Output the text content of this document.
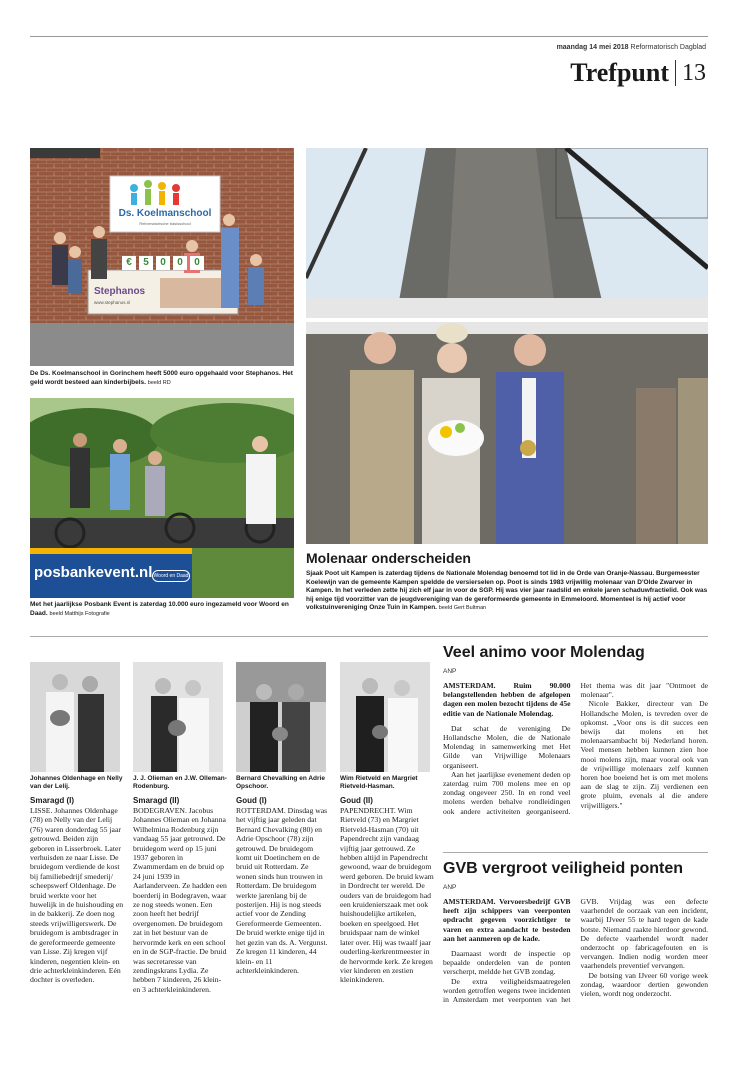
maandag 14 mei 2018 Reformatorisch Dagblad
Trefpunt 13
Ds. Koelmanschool
Reformatorische basisschool
€	5	0	0	0
Stephanos
www.stephanos.nl
De Ds. Koelmanschool in Gorinchem heeft 5000 euro opgehaald voor Stephanos. Het geld wordt besteed aan kinderbijbels. beeld RD
posbankevent.nl Woord en Daad
Met het jaarlijkse Posbank Event is zaterdag 10.000 euro ingezameld voor Woord en Daad. beeld Matthijs Fotografie
Molenaar onderscheiden
Sjaak Poot uit Kampen is zaterdag tijdens de Nationale Molendag benoemd tot lid in de Orde van Oranje-Nassau. Burgemeester Koelewijn van de gemeente Kampen speldde de versierselen op. Poot is sinds 1983 vrijwillig molenaar van D'Olde Zwarver in Kampen. In het verleden zette hij zich elf jaar in voor de SGP. Hij was vier jaar raadslid en enkele jaren schaduwfractielid. Ook was hij enige tijd voorzitter van de jeugdvereniging van de gereformeerde gemeente in Emmeloord. Momenteel is hij actief voor volkstuinvereniging Onze Tuin in Kampen. beeld Gert Bultman
Johannes Oldenhage en Nelly van der Lelij.
Smaragd (I)
LISSE. Johannes Oldenhage (78) en Nelly van der Lelij (76) waren donderdag 55 jaar getrouwd. Beiden zijn geboren in Lisserbroek. Later verhuisden ze naar Lisse. De bruidegom verdiende de kost bij familiebedrijf smederij/ scheepswerf Oldenhage. De bruid werkte voor het huwelijk in de huishouding en in de bakkerij. Ze doen nog steeds vrijwilligerswerk. De bruidegom is ambtsdrager in de gereformeerde gemeente van Lisse. Zij kregen vijf kinderen, negentien klein- en drie achterkleinkinderen. Eén dochter is overleden.
J. J. Olieman en J.W. Olleman-Rodenburg.
Smaragd (II)
BODEGRAVEN. Jacobus Johannes Olieman en Johanna Wilhelmina Rodenburg zijn vandaag 55 jaar getrouwd. De bruidegom werd op 15 juni 1937 geboren in Zwammerdam en de bruid op 24 juni 1939 in Aarlanderveen. Ze hadden een boerderij in Bodegraven, waar ze nog steeds wonen. Een zoon heeft het bedrijf overgenomen. De bruidegom zat in het bestuur van de hervormde kerk en een school en in de SGP-fractie. De bruid was secretaresse van zendingskrans Lydia. Ze hebben 7 kinderen, 26 klein- en 3 achterkleinkinderen.
Bernard Chevalking en Adrie Opschoor.
Goud (I)
ROTTERDAM. Dinsdag was het vijftig jaar geleden dat Bernard Chevalking (80) en Adrie Opschoor (78) zijn getrouwd. De bruidegom komt uit Doetinchem en de bruid uit Rotterdam. Ze wonen sinds hun trouwen in Rotterdam. De bruidegom werkte jarenlang bij de posterijen. Hij is nog steeds actief voor de Zending Gereformeerde Gemeenten. De bruid werkte enige tijd in het gezin van ds. A. Vergunst. Ze kregen 11 kinderen, 44 klein- en 11 achterkleinkinderen.
Wim Rietveld en Margriet Rietveld-Hasman.
Goud (II)
PAPENDRECHT. Wim Rietveld (73) en Margriet Rietveld-Hasman (70) uit Papendrecht zijn vandaag vijftig jaar getrouwd. Ze hebben altijd in Papendrecht gewoond, waar de bruidegom werd geboren. De bruid kwam in Dordrecht ter wereld. De ouders van de bruidegom had een kruidenierszaak met ook huishoudelijke artikelen, boeken en speelgoed. Het bruidspaar nam de winkel later over. Hij was twaalf jaar ouderling-kerkrentmeester in de hervormde kerk. Ze kregen vier kinderen en zestien kleinkinderen.
Veel animo voor Molendag
ANP

AMSTERDAM. Ruim 90.000 belangstellenden hebben de afgelopen dagen een molen bezocht tijdens de 45e editie van de Nationale Molendag.

Dat schat de vereniging De Hollandsche Molen, die de Nationale Molendag in samenwerking met Het Gilde van Vrijwillige Molenaars organiseert.

Aan het jaarlijkse evenement deden op zaterdag ruim 700 molens mee en op zondag ongeveer 250. In en rond veel molens werden behalve rondleidingen ook andere activiteiten georganiseerd. Het thema was dit jaar "Ontmoet de molenaar".

Nicole Bakker, directeur van De Hollandsche Molen, is tevreden over de opkomst. „Voor ons is dit succes een bewijs dat molens en het molenaarsambacht bij Nederland horen. Veel mensen hebben kunnen zien hoe mooi molens zijn, maar vooral ook van de vrijwillige molenaars zelf kunnen horen hoe boeiend het is om met molens aan de slag te zijn. Zij verdienen een grote pluim, evenals al die andere vrijwilligers."

GVB vergroot veiligheid ponten
ANP

AMSTERDAM. Vervoersbedrijf GVB heeft zijn schippers van veerponten opdracht gegeven voorzichtiger te varen en extra aandacht te besteden aan het aanmeren op de kade.

Daarnaast wordt de inspectie op bepaalde onderdelen van de ponten verscherpt, meldde het GVB zondag.

De extra veiligheidsmaatregelen worden getroffen wegens twee incidenten in Amsterdam met veerponten van het GVB. Vrijdag was een defecte vaarhendel de oorzaak van een incident, waarbij IJveer 55 te hard tegen de kade botste. Niemand raakte hierdoor gewond. De defecte vaarhendel wordt nader onderzocht op fabricagefouten en is vervangen. Indien nodig worden meer vaarhendels preventief vervangen.

De botsing van IJveer 60 vorige week zondag, waardoor dertien gewonden vielen, wordt nog onderzocht.
